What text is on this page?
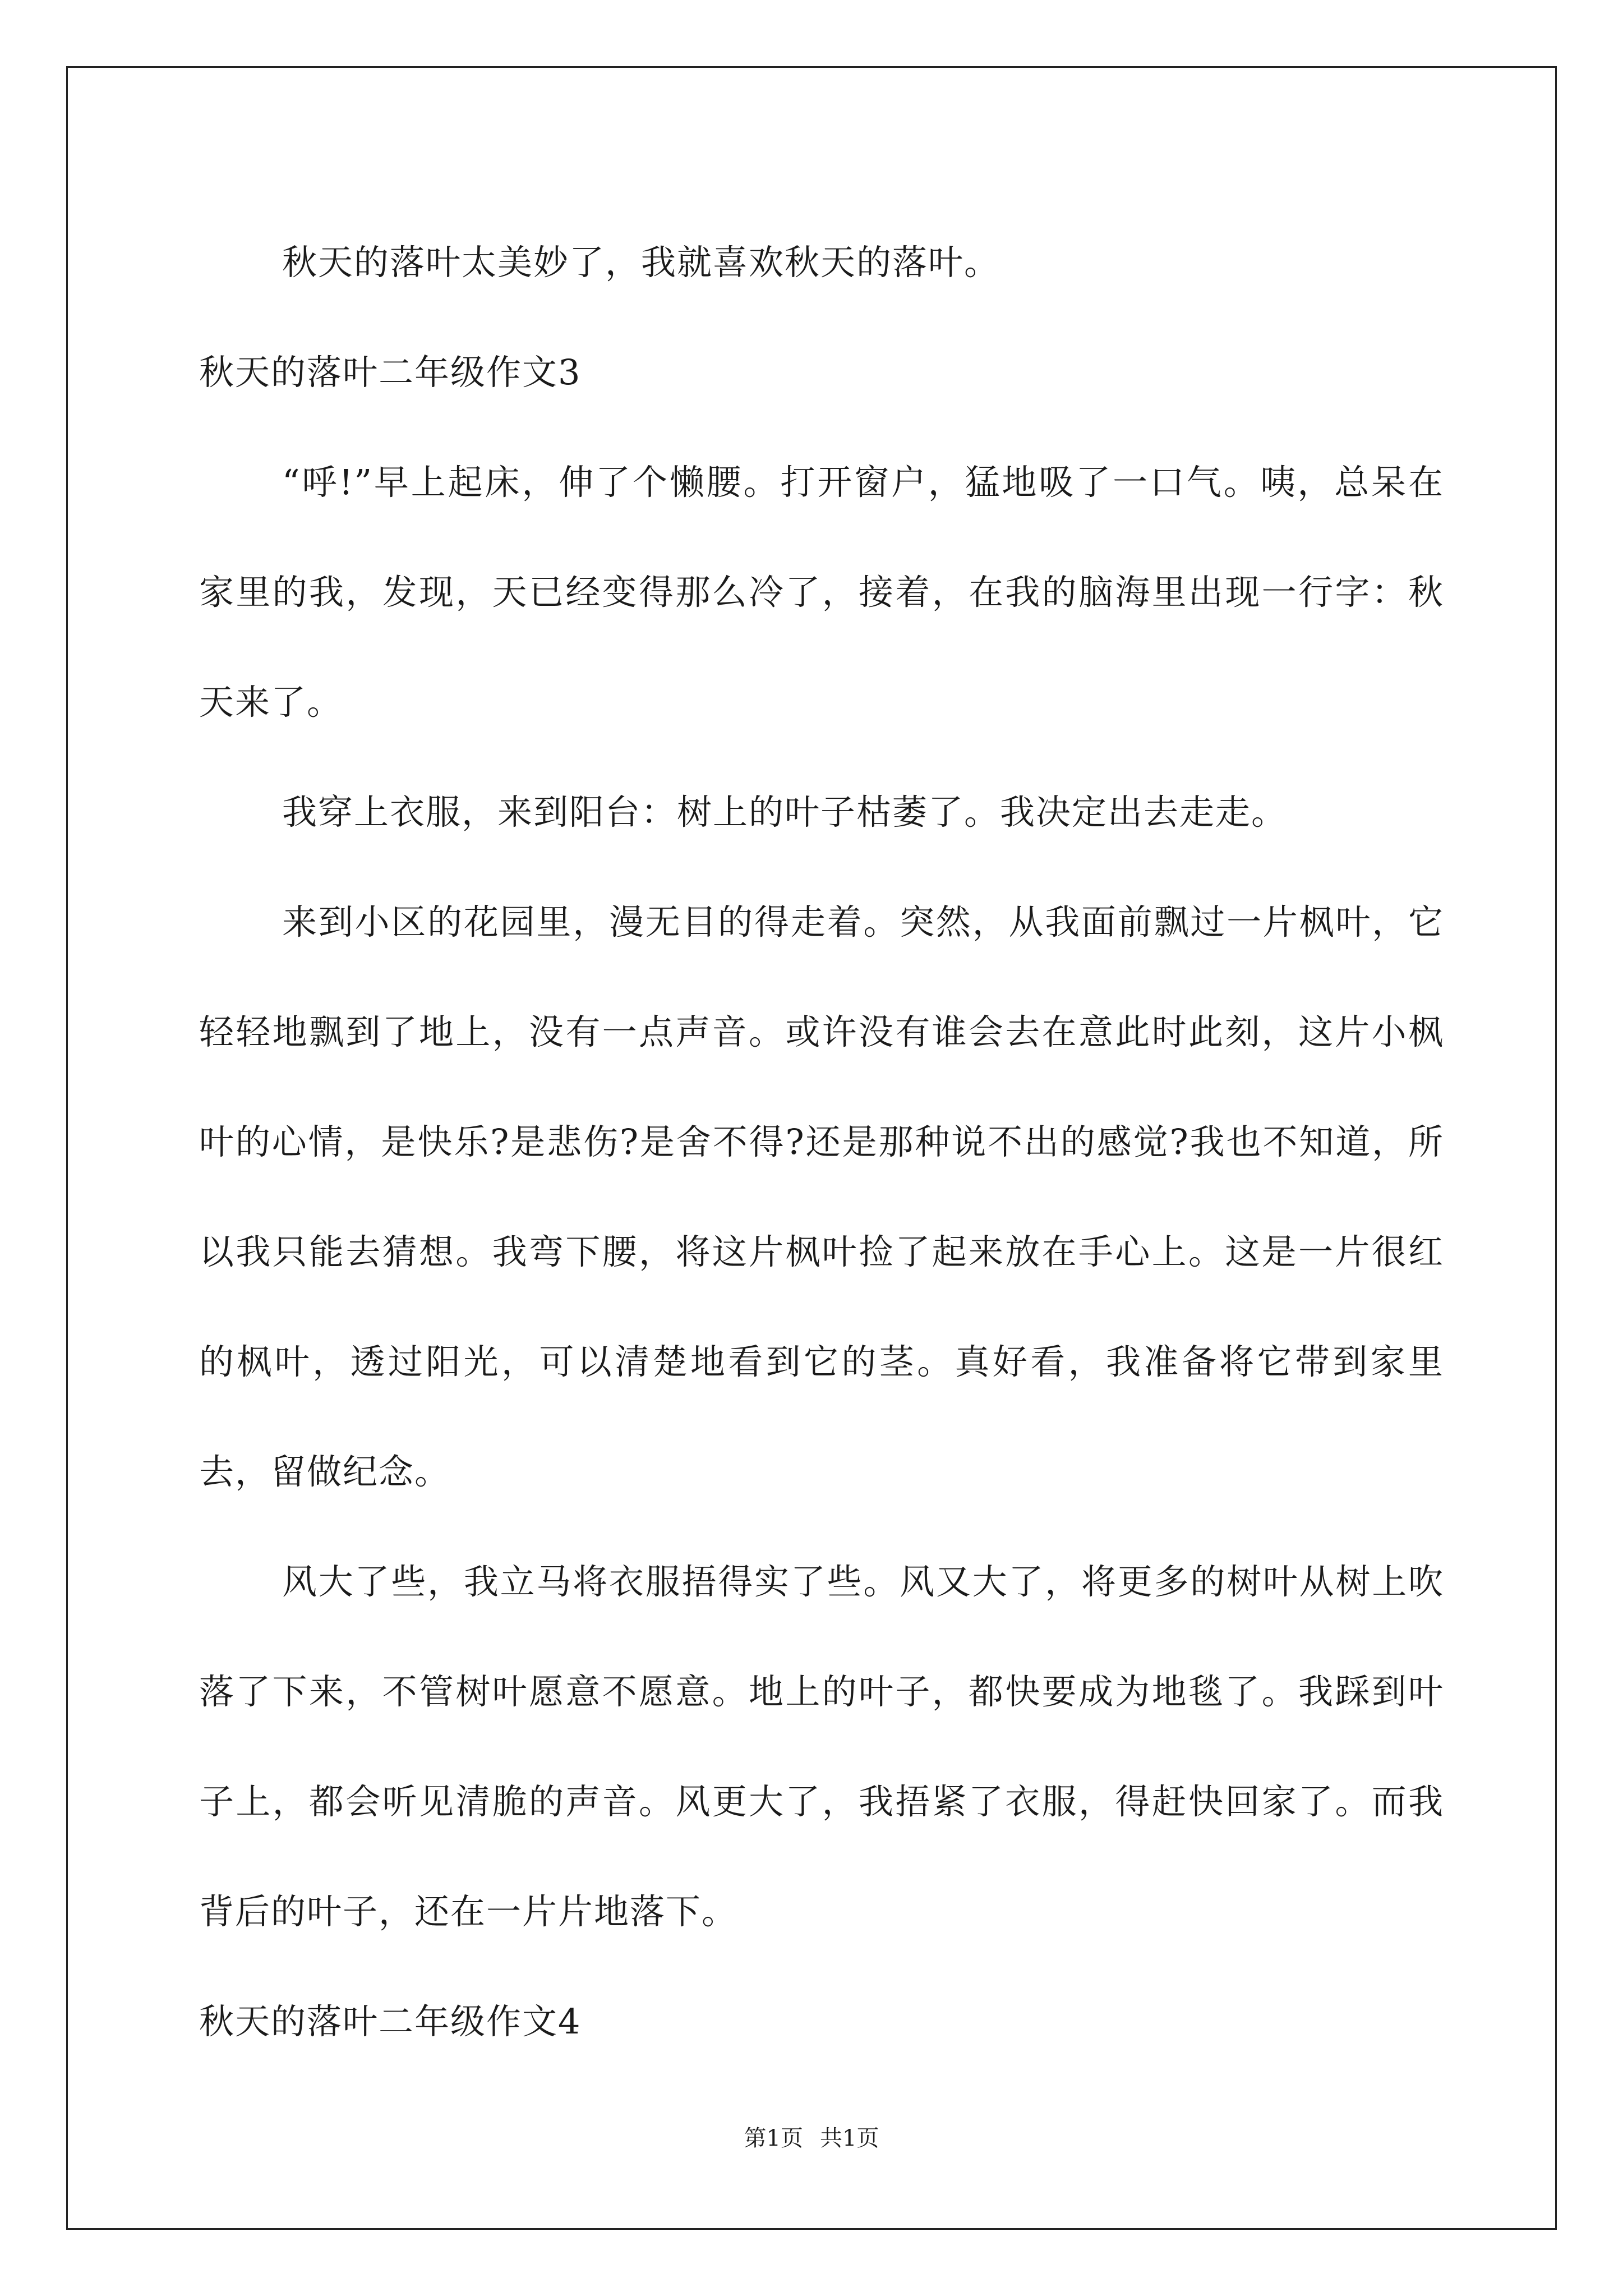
秋天的落叶太美妙了，我就喜欢秋天的落叶。

秋天的落叶二年级作文3

“呼!”早上起床，伸了个懒腰。打开窗户，猛地吸了一口气。咦，总呆在家里的我，发现，天已经变得那么冷了，接着，在我的脑海里出现一行字：秋天来了。

我穿上衣服，来到阳台：树上的叶子枯萎了。我决定出去走走。

来到小区的花园里，漫无目的得走着。突然，从我面前飘过一片枫叶，它轻轻地飘到了地上，没有一点声音。或许没有谁会去在意此时此刻，这片小枫叶的心情，是快乐?是悲伤?是舍不得?还是那种说不出的感觉?我也不知道，所以我只能去猜想。我弯下腰，将这片枫叶捡了起来放在手心上。这是一片很红的枫叶，透过阳光，可以清楚地看到它的茎。真好看，我准备将它带到家里去，留做纪念。

风大了些，我立马将衣服捂得实了些。风又大了，将更多的树叶从树上吹落了下来，不管树叶愿意不愿意。地上的叶子，都快要成为地毯了。我踩到叶子上，都会听见清脆的声音。风更大了，我捂紧了衣服，得赶快回家了。而我背后的叶子，还在一片片地落下。

秋天的落叶二年级作文4

第1页 共1页
